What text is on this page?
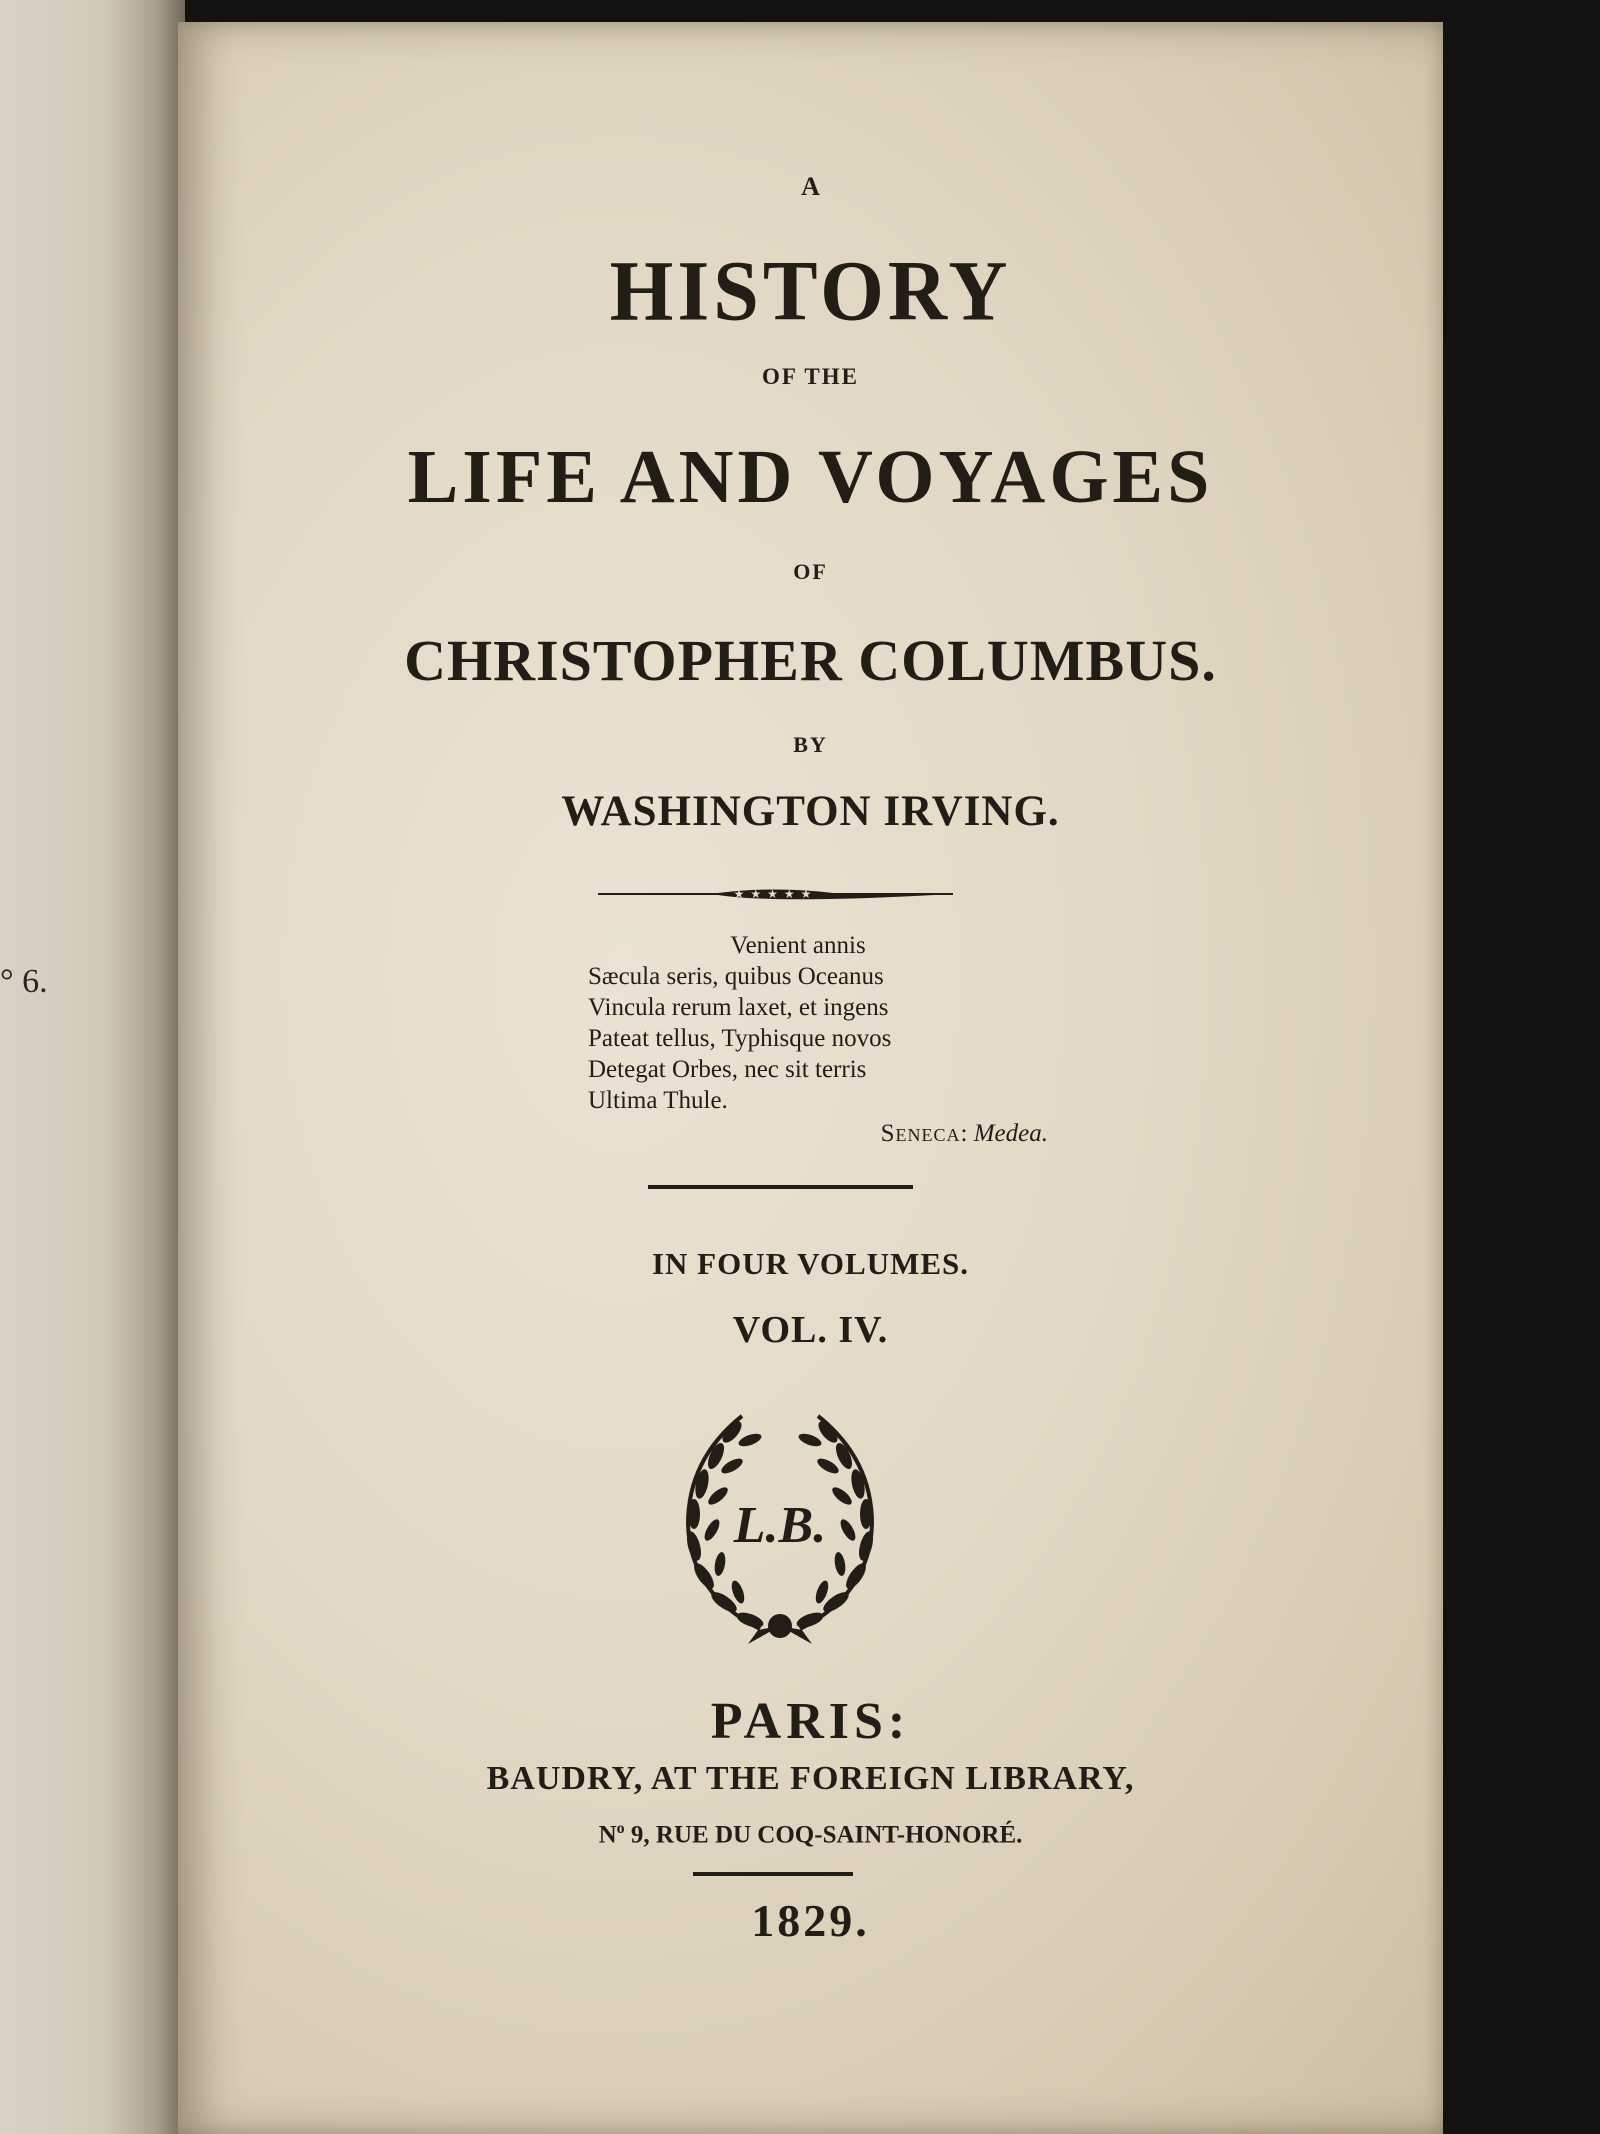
° 6.
A
HISTORY
OF THE
LIFE AND VOYAGES
OF
CHRISTOPHER COLUMBUS.
BY
WASHINGTON IRVING.
★★★★★
Venient annis
Sæcula seris, quibus Oceanus
Vincula rerum laxet, et ingens
Pateat tellus, Typhisque novos
Detegat Orbes, nec sit terris
Ultima Thule.
Seneca: Medea.
IN FOUR VOLUMES.
VOL. IV.
L.B.
PARIS:
BAUDRY, AT THE FOREIGN LIBRARY,
$N^o$ 9, RUE DU COQ-SAINT-HONORÉ.
1829.
